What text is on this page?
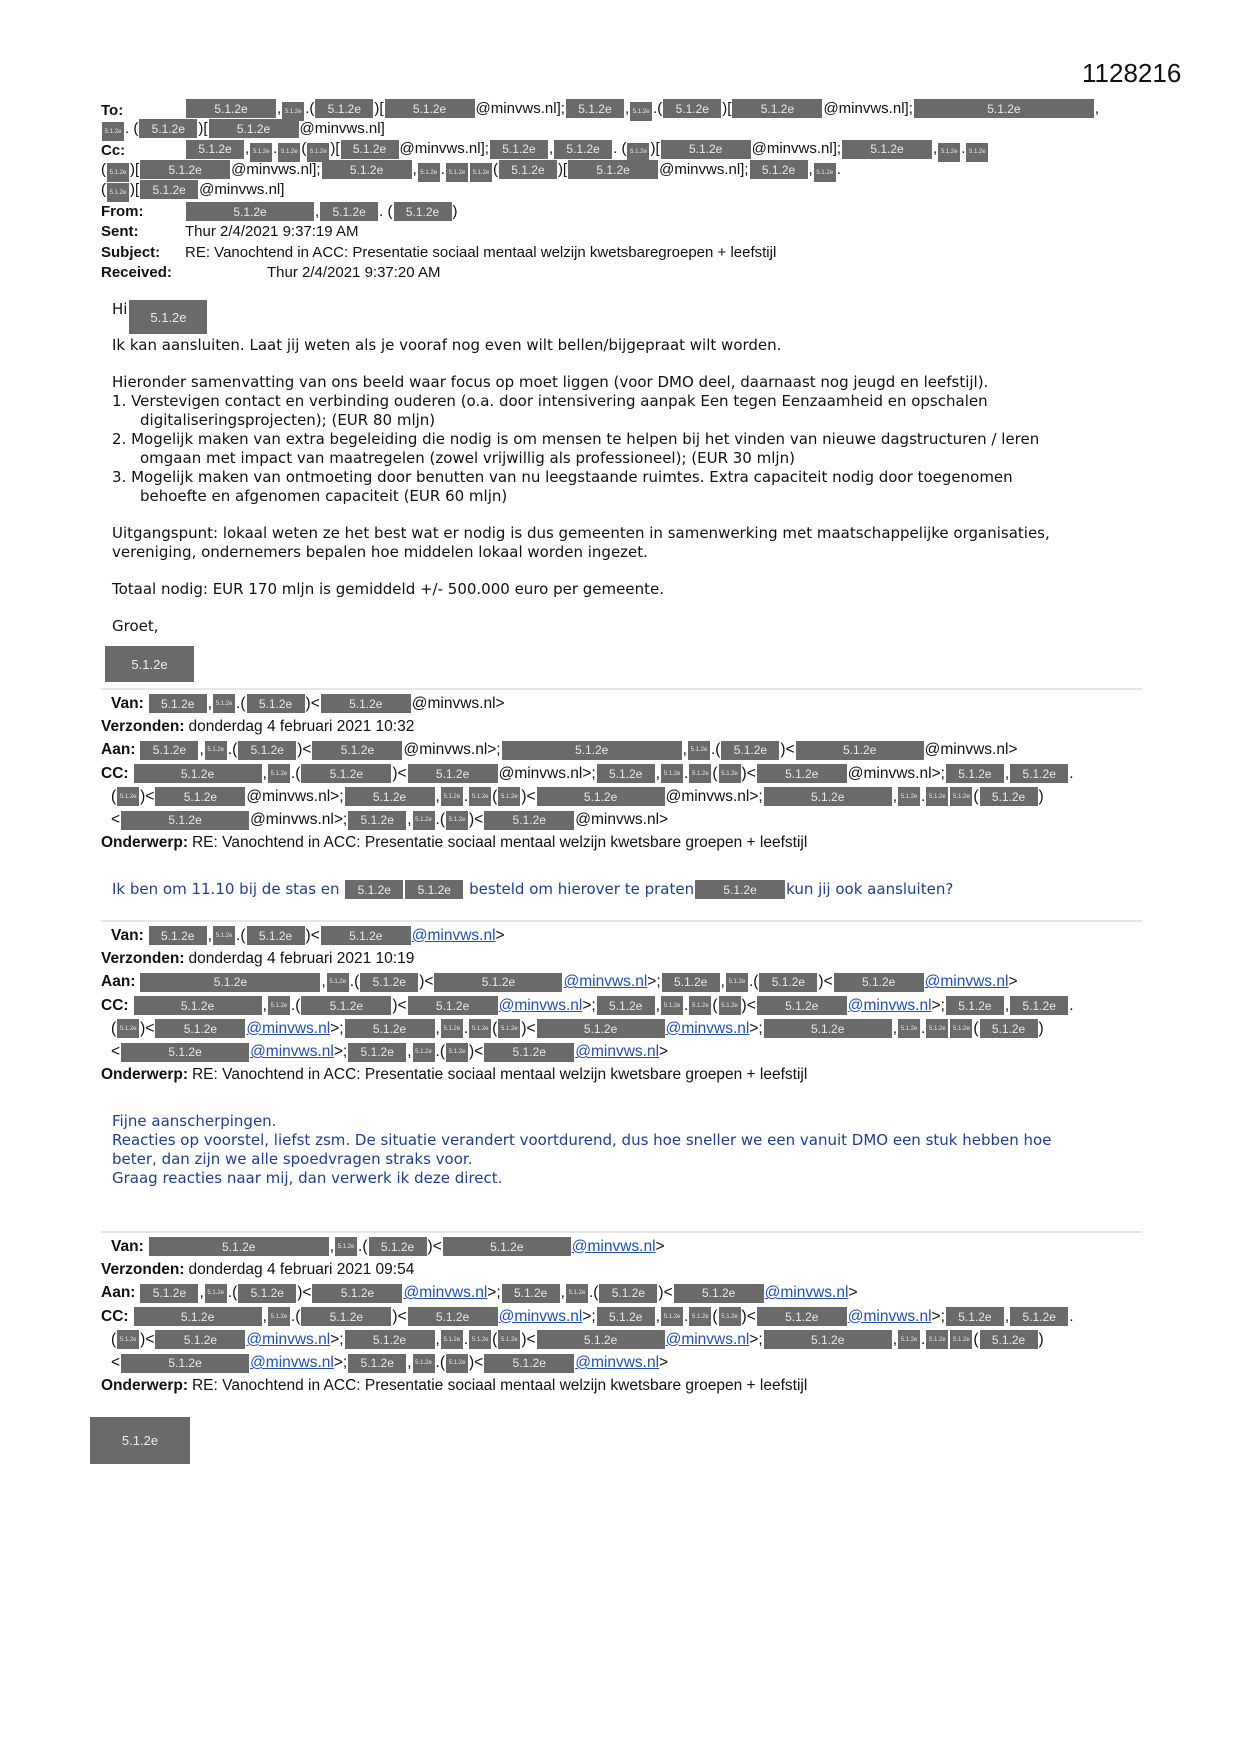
1128216
To:	5.1.2e , 5.1.2e .( 5.1.2e )[ 5.1.2e @minvws.nl]; 5.1.2e , 5.1.2e .( 5.1.2e )[ 5.1.2e @minvws.nl];	5.1.2e	,
5.1.2e . ( 5.1.2e )[ 5.1.2e @minvws.nl]
Cc:	5.1.2e , 5.1.2e . 5.1.2e ( 5.1.2e )[ 5.1.2e @minvws.nl]; 5.1.2e , 5.1.2e . ( 5.1.2e )[ 5.1.2e @minvws.nl]; 5.1.2e , 5.1.2e . 5.1.2e
( 5.1.2e )[ 5.1.2e @minvws.nl]; 5.1.2e , 5.1.2e . 5.1.2e 5.1.2e ( 5.1.2e )[ 5.1.2e @minvws.nl]; 5.1.2e , 5.1.2e .
( 5.1.2e )[ 5.1.2e @minvws.nl]
From:	5.1.2e	, 5.1.2e . ( 5.1.2e )
Sent:	Thur 2/4/2021 9:37:19 AM
Subject:	RE: Vanochtend in ACC: Presentatie sociaal mentaal welzijn kwetsbaregroepen + leefstijl
Received:	Thur 2/4/2021 9:37:20 AM
Hi	5.1.2e
Ik kan aansluiten. Laat jij weten als je vooraf nog even wilt bellen/bijgepraat wilt worden.
Hieronder samenvatting van ons beeld waar focus op moet liggen (voor DMO deel, daarnaast nog jeugd en leefstijl).
1. Verstevigen contact en verbinding ouderen (o.a. door intensivering aanpak Een tegen Eenzaamheid en opschalen
digitaliseringsprojecten); (EUR 80 mljn)
2. Mogelijk maken van extra begeleiding die nodig is om mensen te helpen bij het vinden van nieuwe dagstructuren / leren
omgaan met impact van maatregelen (zowel vrijwillig als professioneel); (EUR 30 mljn)
3. Mogelijk maken van ontmoeting door benutten van nu leegstaande ruimtes. Extra capaciteit nodig door toegenomen
behoefte en afgenomen capaciteit (EUR 60 mljn)
Uitgangspunt: lokaal weten ze het best wat er nodig is dus gemeenten in samenwerking met maatschappelijke organisaties,
vereniging, ondernemers bepalen hoe middelen lokaal worden ingezet.
Totaal nodig: EUR 170 mljn is gemiddeld +/- 500.000 euro per gemeente.
Groet,
5.1.2e
Van:	5.1.2e , 5.1.2e . (	5.1.2e ) <	5.1.2e	@minvws.nl>
Verzonden: donderdag 4 februari 2021 10:32
Aan:	5.1.2e , 5.1.2e . (	5.1.2e ) <	5.1.2e	@minvws.nl>;	5.1.2e	, 5.1.2e . (	5.1.2e ) <	5.1.2e	@minvws.nl>
CC:	5.1.2e	, 5.1.2e . (	5.1.2e	) <	5.1.2e	@minvws.nl>;	5.1.2e , 5.1.2e . 5.1.2e ( 5.1.2e ) <	5.1.2e	@minvws.nl>;	5.1.2e ,	5.1.2e .
( 5.1.2e ) <	5.1.2e	@minvws.nl>;	5.1.2e	, 5.1.2e . 5.1.2e ( 5.1.2e ) <	5.1.2e	@minvws.nl>;	5.1.2e	, 5.1.2e . 5.1.2e	5.1.2e (	5.1.2e )
<	5.1.2e	@minvws.nl>;	5.1.2e , 5.1.2e . ( 5.1.2e ) <	5.1.2e	@minvws.nl>
Onderwerp: RE: Vanochtend in ACC: Presentatie sociaal mentaal welzijn kwetsbare groepen + leefstijl
Ik ben om 11.10 bij de stas en	5.1.2e	5.1.2e besteld om hierover te praten	5.1.2e	kun jij ook aansluiten?
Van:	5.1.2e , 5.1.2e . (	5.1.2e ) <	5.1.2e	@minvws.nl >
Verzonden: donderdag 4 februari 2021 10:19
Aan:	5.1.2e	, 5.1.2e . (	5.1.2e ) <	5.1.2e	@minvws.nl >;	5.1.2e , 5.1.2e . (	5.1.2e ) <	5.1.2e	@minvws.nl >
CC:	5.1.2e	, 5.1.2e . (	5.1.2e	) <	5.1.2e	@minvws.nl >;	5.1.2e , 5.1.2e . 5.1.2e ( 5.1.2e ) <	5.1.2e	@minvws.nl >;	5.1.2e ,	5.1.2e .
( 5.1.2e ) <	5.1.2e	@minvws.nl >;	5.1.2e	, 5.1.2e . 5.1.2e ( 5.1.2e ) <	5.1.2e	@minvws.nl >;	5.1.2e	, 5.1.2e . 5.1.2e	5.1.2e (	5.1.2e )
<	5.1.2e	@minvws.nl >;	5.1.2e , 5.1.2e . ( 5.1.2e ) <	5.1.2e	@minvws.nl >
Onderwerp: RE: Vanochtend in ACC: Presentatie sociaal mentaal welzijn kwetsbare groepen + leefstijl
Fijne aanscherpingen.
Reacties op voorstel, liefst zsm. De situatie verandert voortdurend, dus hoe sneller we een vanuit DMO een stuk hebben hoe
beter, dan zijn we alle spoedvragen straks voor.
Graag reacties naar mij, dan verwerk ik deze direct.
Van:	5.1.2e	, 5.1.2e . (	5.1.2e ) <	5.1.2e	@minvws.nl >
Verzonden: donderdag 4 februari 2021 09:54
Aan:	5.1.2e , 5.1.2e . (	5.1.2e ) <	5.1.2e	@minvws.nl >;	5.1.2e , 5.1.2e . (	5.1.2e ) <	5.1.2e	@minvws.nl >
CC:	5.1.2e	, 5.1.2e . (	5.1.2e	) <	5.1.2e	@minvws.nl >;	5.1.2e , 5.1.2e . 5.1.2e ( 5.1.2e ) <	5.1.2e	@minvws.nl >;	5.1.2e ,	5.1.2e .
( 5.1.2e ) <	5.1.2e	@minvws.nl >;	5.1.2e	, 5.1.2e . 5.1.2e ( 5.1.2e ) <	5.1.2e	@minvws.nl >;	5.1.2e	, 5.1.2e . 5.1.2e	5.1.2e (	5.1.2e )
<	5.1.2e	@minvws.nl >;	5.1.2e , 5.1.2e . ( 5.1.2e ) <	5.1.2e	@minvws.nl >
Onderwerp: RE: Vanochtend in ACC: Presentatie sociaal mentaal welzijn kwetsbare groepen + leefstijl
5.1.2e
